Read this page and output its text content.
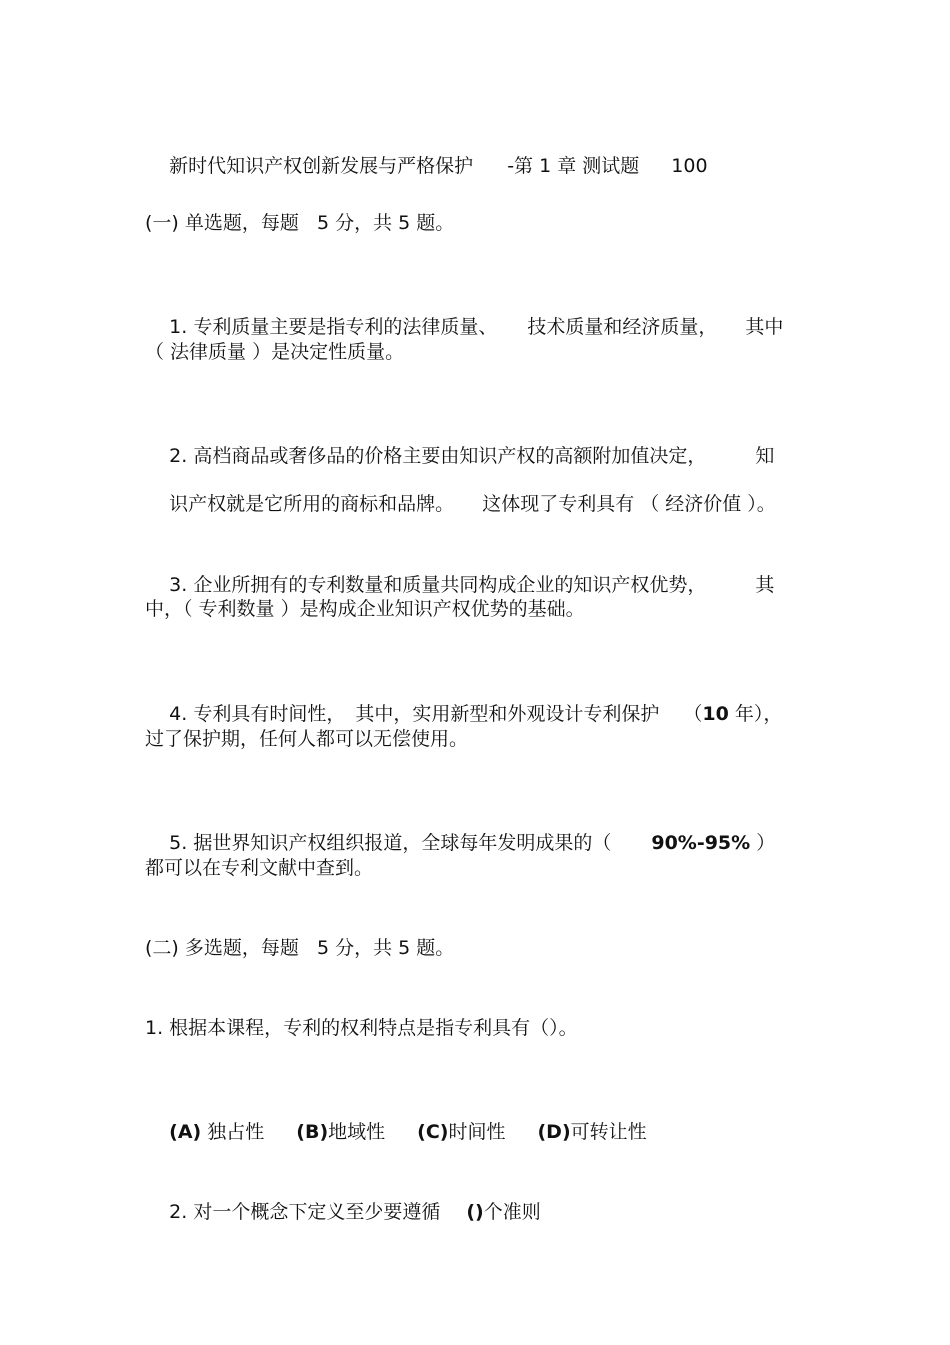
新时代知识产权创新发展与严格保护 -第 1 章 测试题 100

(一) 单选题，每题   5 分，共 5 题。

1. 专利质量主要是指专利的法律质量、 技术质量和经济质量， 其中

（ 法律质量 ）是决定性质量。

2. 高档商品或奢侈品的价格主要由知识产权的高额附加值决定，	知

识产权就是它所用的商标和品牌。 这体现了专利具有 （ 经济价值 ）。

3. 企业所拥有的专利数量和质量共同构成企业的知识产权优势，	其

中，（ 专利数量 ）是构成企业知识产权优势的基础。

4. 专利具有时间性， 其中，实用新型和外观设计专利保护 （10 年），

过了保护期，任何人都可以无偿使用。

5. 据世界知识产权组织报道，全球每年发明成果的（ 90%-95% ）

都可以在专利文献中查到。
(二) 多选题，每题   5 分，共 5 题。
1. 根据本课程，专利的权利特点是指专利具有（）。

(A) 独占性 (B)地域性 (C)时间性 (D)可转让性

2. 对一个概念下定义至少要遵循 ()个准则
